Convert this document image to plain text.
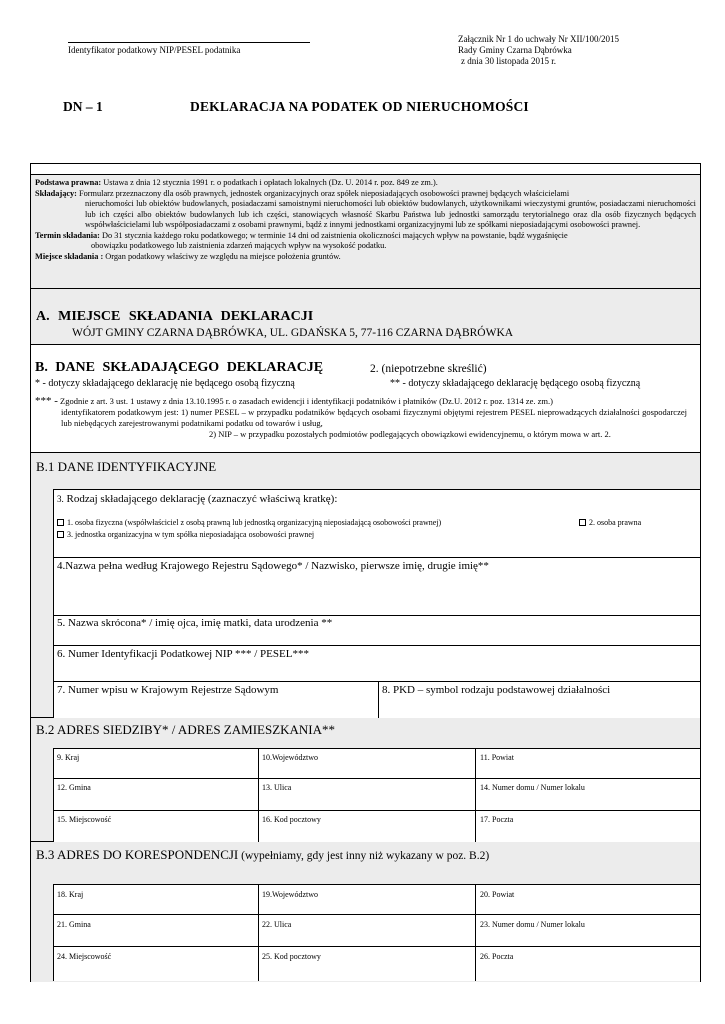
Identyfikator podatkowy NIP/PESEL podatnika
Załącznik Nr 1 do uchwały Nr XII/100/2015
Rady Gminy Czarna Dąbrówka
z dnia 30 listopada 2015 r.
DN – 1	DEKLARACJA NA PODATEK OD NIERUCHOMOŚCI

Podstawa prawna: Ustawa z dnia 12 stycznia 1991 r. o podatkach i opłatach lokalnych (Dz. U. 2014 r. poz. 849 ze zm.).

Składający: Formularz przeznaczony dla osób prawnych, jednostek organizacyjnych oraz spółek nieposiadających osobowości prawnej będących właścicielami

nieruchomości lub obiektów budowlanych, posiadaczami samoistnymi nieruchomości lub obiektów budowlanych, użytkownikami wieczystymi gruntów, posiadaczami nieruchomości lub ich części albo obiektów budowlanych lub ich części, stanowiących własność Skarbu Państwa lub jednostki samorządu terytorialnego oraz dla osób fizycznych będących współwłaścicielami lub współposiadaczami z osobami prawnymi, bądź z innymi jednostkami organizacyjnymi lub ze spółkami nieposiadającymi osobowości prawnej.

Termin składania: Do 31 stycznia każdego roku podatkowego; w terminie 14 dni od zaistnienia okoliczności mających wpływ na powstanie, bądź wygaśnięcie

obowiązku podatkowego lub zaistnienia zdarzeń mających wpływ na wysokość podatku.

Miejsce składania : Organ podatkowy właściwy ze względu na miejsce położenia gruntów.

A. MIEJSCE SKŁADANIA DEKLARACJI
WÓJT GMINY CZARNA DĄBRÓWKA, UL. GDAŃSKA 5, 77-116 CZARNA DĄBRÓWKA
B. DANE SKŁADAJĄCEGO DEKLARACJĘ	2. (niepotrzebne skreślić)
* - dotyczy składającego deklarację nie będącego osobą fizyczną	** - dotyczy składającego deklarację będącego osobą fizyczną

*** - Zgodnie z art. 3 ust. 1 ustawy z dnia 13.10.1995 r. o zasadach ewidencji i identyfikacji podatników i płatników (Dz.U. 2012 r. poz. 1314 ze. zm.)

identyfikatorem podatkowym jest: 1) numer PESEL – w przypadku podatników będących osobami fizycznymi objętymi rejestrem PESEL nieprowadzących działalności gospodarczej lub niebędących zarejestrowanymi podatnikami podatku od towarów i usług,

2) NIP – w przypadku pozostałych podmiotów podlegających obowiązkowi ewidencyjnemu, o którym mowa w art. 2.

B.1 DANE IDENTYFIKACYJNE
3. Rodzaj składającego deklarację (zaznaczyć właściwą kratkę):
1. osoba fizyczna (współwłaściciel z osobą prawną lub jednostką organizacyjną nieposiadającą osobowości prawnej)	2. osoba prawna
3. jednostka organizacyjna w tym spółka nieposiadająca osobowości prawnej
4.Nazwa pełna według Krajowego Rejestru Sądowego* / Nazwisko, pierwsze imię, drugie imię**
5. Nazwa skrócona* / imię ojca, imię matki, data urodzenia **
6. Numer Identyfikacji Podatkowej NIP *** / PESEL***
7. Numer wpisu w Krajowym Rejestrze Sądowym	8. PKD – symbol rodzaju podstawowej działalności
B.2 ADRES SIEDZIBY* / ADRES ZAMIESZKANIA**
9. Kraj	10.Województwo	11. Powiat
12. Gmina	13. Ulica	14. Numer domu / Numer lokalu
15. Miejscowość	16. Kod pocztowy	17. Poczta
B.3 ADRES DO KORESPONDENCJI (wypełniamy, gdy jest inny niż wykazany w poz. B.2)
18. Kraj	19.Województwo	20. Powiat
21. Gmina	22. Ulica	23. Numer domu / Numer lokalu
24. Miejscowość	25. Kod pocztowy	26. Poczta
